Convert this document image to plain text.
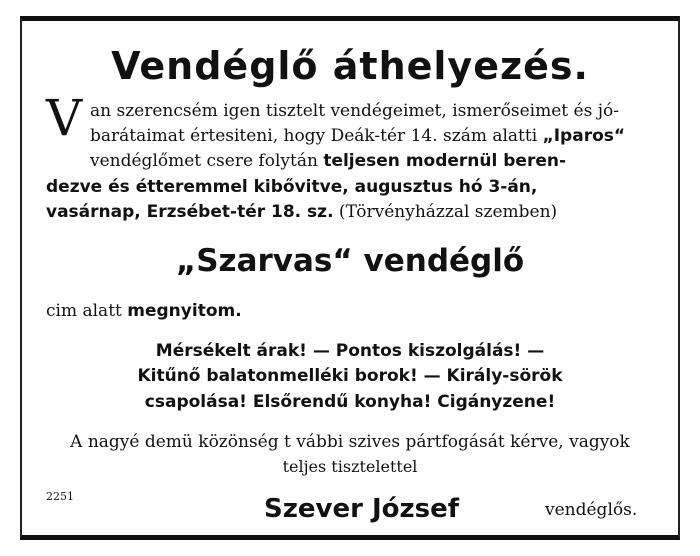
Vendéglő áthelyezés.
V an szerencsém igen tisztelt vendégeimet, ismerőseimet és jó-
barátaimat értesiteni, hogy Deák-tér 14. szám alatti „Iparos“
vendéglőmet csere folytán teljesen modernül beren-
dezve és étteremmel kibővitve, augusztus hó 3-án,
vasárnap, Erzsébet-tér 18. sz. (Törvényházzal szemben)
„Szarvas“ vendéglő
cim alatt megnyitom.
Mérsékelt árak! — Pontos kiszolgálás! —
Kitűnő balatonmelléki borok! — Király-sörök
csapolása! Elsőrendű konyha! Cigányzene!
A nagyé demü közönség t vábbi szives pártfogását kérve, vagyok
teljes tisztelettel
2251	Szever József	vendéglős.
